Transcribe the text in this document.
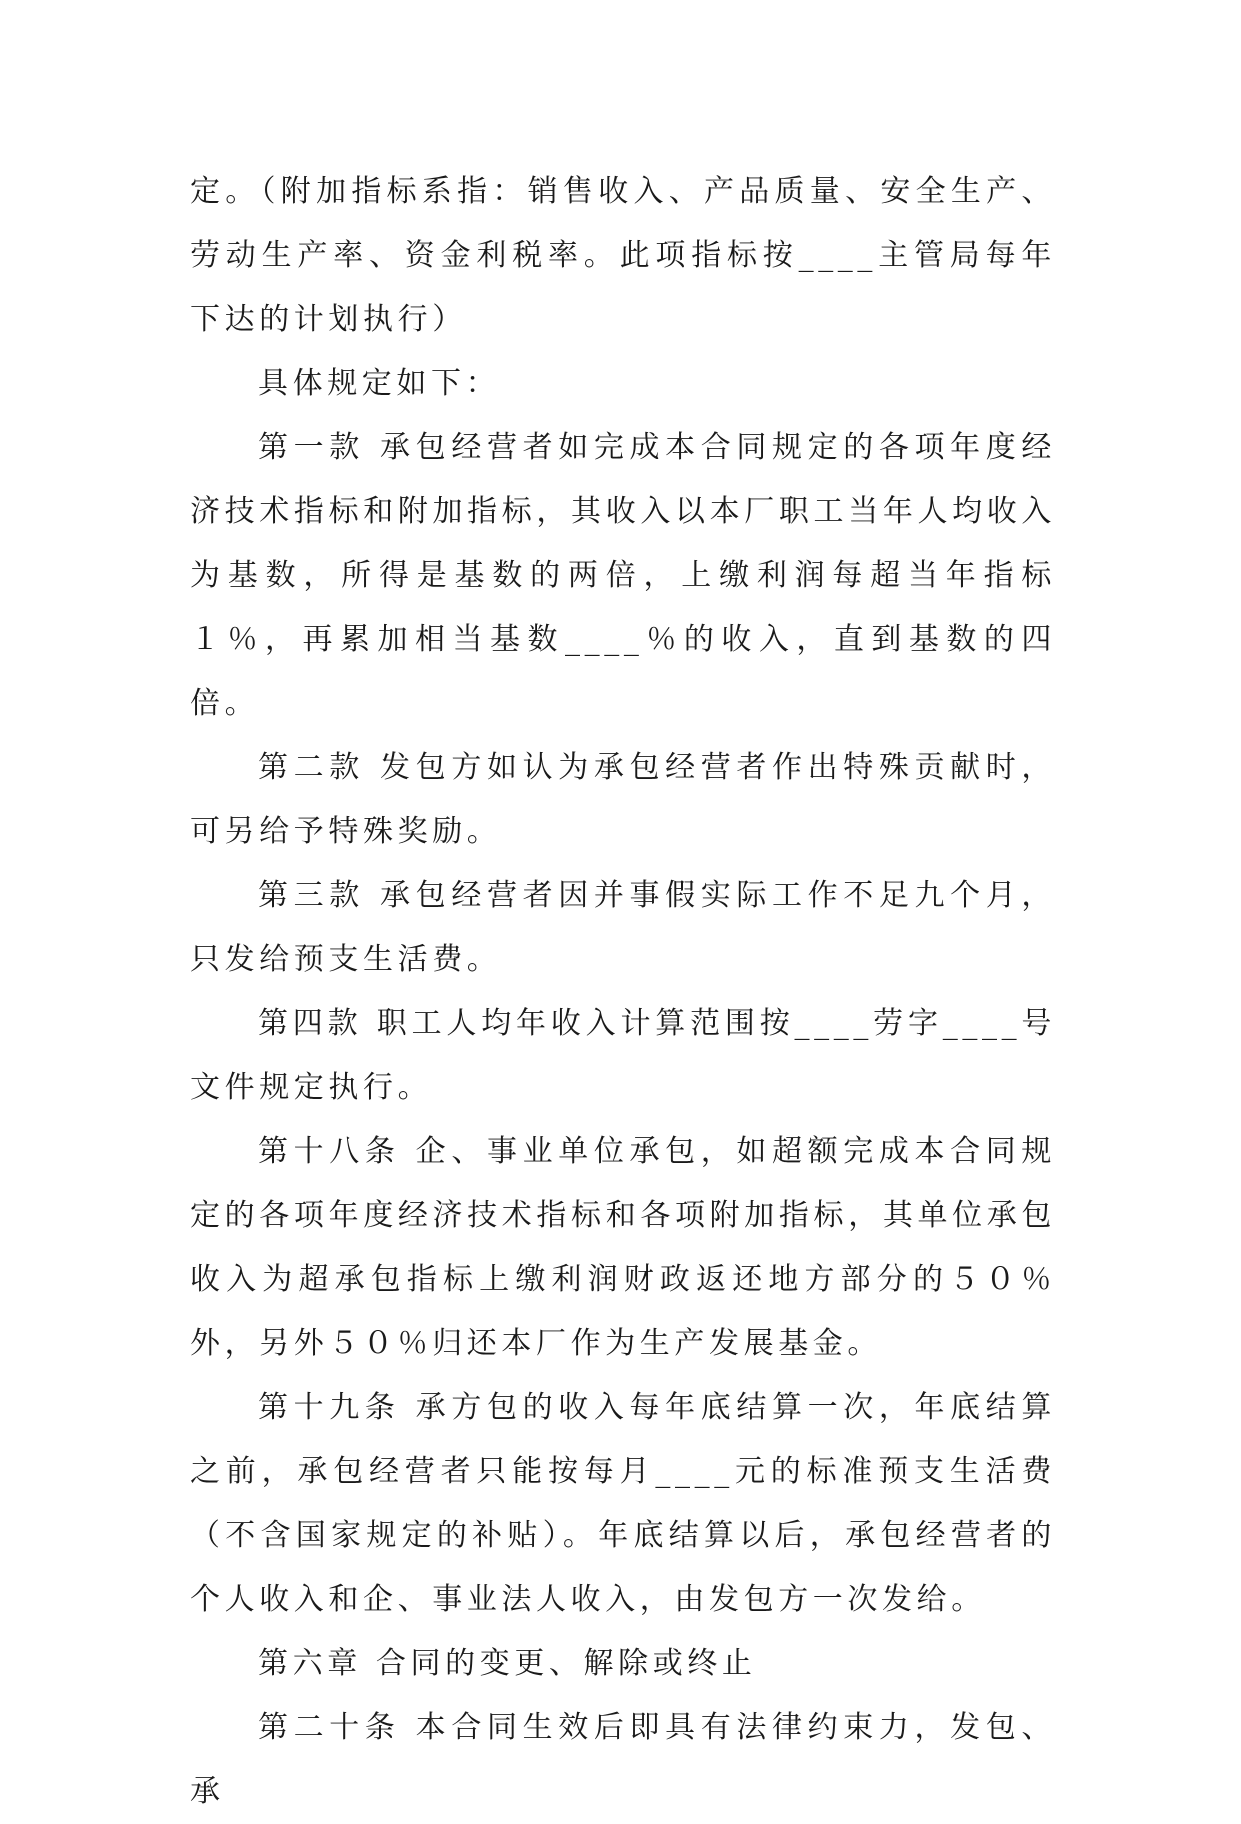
定。（附加指标系指：销售收入、产品质量、安全生产、劳动生产率、资金利税率。此项指标按____主管局每年下达的计划执行）

具体规定如下：

第一款 承包经营者如完成本合同规定的各项年度经济技术指标和附加指标，其收入以本厂职工当年人均收入为基数，所得是基数的两倍，上缴利润每超当年指标１％，再累加相当基数____％的收入，直到基数的四倍。

第二款 发包方如认为承包经营者作出特殊贡献时，可另给予特殊奖励。

第三款 承包经营者因并事假实际工作不足九个月，只发给预支生活费。

第四款 职工人均年收入计算范围按____劳字____号文件规定执行。

第十八条 企、事业单位承包，如超额完成本合同规定的各项年度经济技术指标和各项附加指标，其单位承包收入为超承包指标上缴利润财政返还地方部分的５０％外，另外５０％归还本厂作为生产发展基金。

第十九条 承方包的收入每年底结算一次，年底结算之前，承包经营者只能按每月____元的标准预支生活费（不含国家规定的补贴）。年底结算以后，承包经营者的个人收入和企、事业法人收入，由发包方一次发给。

第六章 合同的变更、解除或终止

第二十条 本合同生效后即具有法律约束力，发包、承
